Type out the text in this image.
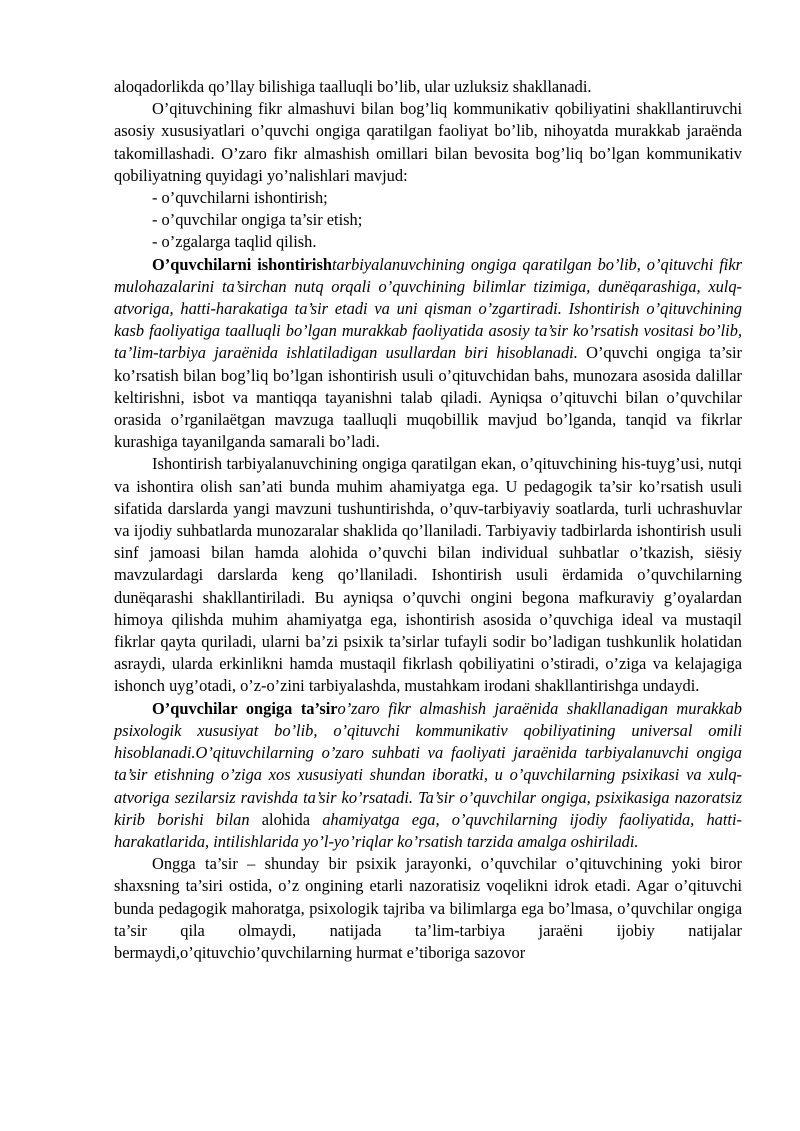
aloqadorlikda qo’llay bilishiga taalluqli bo’lib, ular uzluksiz shakllanadi.

O’qituvchining fikr almashuvi bilan bog’liq kommunikativ qobiliyatini shakllantiruvchi asosiy xususiyatlari o’quvchi ongiga qaratilgan faoliyat bo’lib, nihoyatda murakkab jaraënda takomillashadi. O’zaro fikr almashish omillari bilan bevosita bog’liq bo’lgan kommunikativ qobiliyatning quyidagi yo’nalishlari mavjud:

- o’quvchilarni ishontirish;

- o’quvchilar ongiga ta’sir etish;

- o’zgalarga taqlid qilish.

O’quvchilarni ishontirishtarbiyalanuvchining ongiga qaratilgan bo’lib, o’qituvchi fikr mulohazalarini ta’sirchan nutq orqali o’quvchining bilimlar tizimiga, dunëqarashiga, xulq-atvoriga, hatti-harakatiga ta’sir etadi va uni qisman o’zgartiradi. Ishontirish o’qituvchining kasb faoliyatiga taalluqli bo’lgan murakkab faoliyatida asosiy ta’sir ko’rsatish vositasi bo’lib, ta’lim-tarbiya jaraënida ishlatiladigan usullardan biri hisoblanadi. O’quvchi ongiga ta’sir ko’rsatish bilan bog’liq bo’lgan ishontirish usuli o’qituvchidan bahs, munozara asosida dalillar keltirishni, isbot va mantiqqa tayanishni talab qiladi. Ayniqsa o’qituvchi bilan o’quvchilar orasida o’rganilaëtgan mavzuga taalluqli muqobillik mavjud bo’lganda, tanqid va fikrlar kurashiga tayanilganda samarali bo’ladi.

Ishontirish tarbiyalanuvchining ongiga qaratilgan ekan, o’qituvchining his-tuyg’usi, nutqi va ishontira olish san’ati bunda muhim ahamiyatga ega. U pedagogik ta’sir ko’rsatish usuli sifatida darslarda yangi mavzuni tushuntirishda, o’quv-tarbiyaviy soatlarda, turli uchrashuvlar va ijodiy suhbatlarda munozaralar shaklida qo’llaniladi. Tarbiyaviy tadbirlarda ishontirish usuli sinf jamoasi bilan hamda alohida o’quvchi bilan individual suhbatlar o’tkazish, siësiy mavzulardagi darslarda keng qo’llaniladi. Ishontirish usuli ërdamida o’quvchilarning dunëqarashi shakllantiriladi. Bu ayniqsa o’quvchi ongini begona mafkuraviy g’oyalardan himoya qilishda muhim ahamiyatga ega, ishontirish asosida o’quvchiga ideal va mustaqil fikrlar qayta quriladi, ularni ba’zi psixik ta’sirlar tufayli sodir bo’ladigan tushkunlik holatidan asraydi, ularda erkinlikni hamda mustaqil fikrlash qobiliyatini o’stiradi, o’ziga va kelajagiga ishonch uyg’otadi, o’z-o’zini tarbiyalashda, mustahkam irodani shakllantirishga undaydi.

O’quvchilar ongiga ta’siro’zaro fikr almashish jaraënida shakllanadigan murakkab psixologik xususiyat bo’lib, o’qituvchi kommunikativ qobiliyatining universal omili hisoblanadi.O’qituvchilarning o’zaro suhbati va faoliyati jaraënida tarbiyalanuvchi ongiga ta’sir etishning o’ziga xos xususiyati shundan iboratki, u o’quvchilarning psixikasi va xulq-atvoriga sezilarsiz ravishda ta’sir ko’rsatadi. Ta’sir o’quvchilar ongiga, psixikasiga nazoratsiz kirib borishi bilan alohida ahamiyatga ega, o’quvchilarning ijodiy faoliyatida, hatti-harakatlarida, intilishlarida yo’l-yo’riqlar ko’rsatish tarzida amalga oshiriladi.

Ongga ta’sir – shunday bir psixik jarayonki, o’quvchilar o’qituvchining yoki biror shaxsning ta’siri ostida, o’z ongining etarli nazoratisiz voqelikni idrok etadi. Agar o’qituvchi bunda pedagogik mahoratga, psixologik tajriba va bilimlarga ega bo’lmasa, o’quvchilar ongiga ta’sir qila olmaydi, natijada ta’lim-tarbiya jaraëni ijobiy natijalar bermaydi,o’qituvchio’quvchilarning hurmat e’tiboriga sazovor
